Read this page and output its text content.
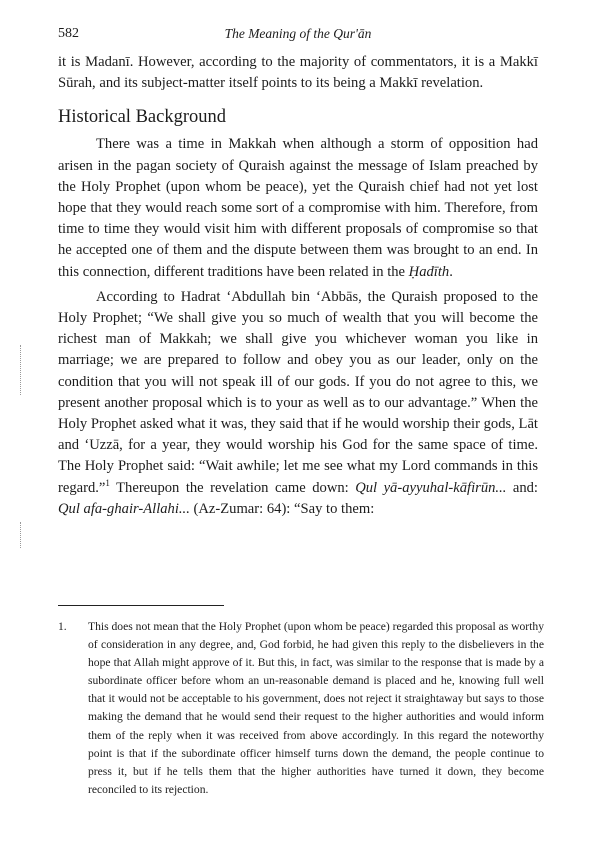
582	The Meaning of the Qur'ān

it is Madanī. However, according to the majority of commentators, it is a Makkī Sūrah, and its subject-matter itself points to its being a Makkī revelation.

Historical Background

There was a time in Makkah when although a storm of opposition had arisen in the pagan society of Quraish against the message of Islam preached by the Holy Prophet (upon whom be peace), yet the Quraish chief had not yet lost hope that they would reach some sort of a compromise with him. Therefore, from time to time they would visit him with different proposals of compromise so that he accepted one of them and the dispute between them was brought to an end. In this connection, different traditions have been related in the Ḥadīth.

According to Hadrat ‘Abdullah bin ‘Abbās, the Quraish proposed to the Holy Prophet; “We shall give you so much of wealth that you will become the richest man of Makkah; we shall give you whichever woman you like in marriage; we are prepared to follow and obey you as our leader, only on the condition that you will not speak ill of our gods. If you do not agree to this, we present another proposal which is to your as well as to our advantage.” When the Holy Prophet asked what it was, they said that if he would worship their gods, Lāt and ‘Uzzā, for a year, they would worship his God for the same space of time. The Holy Prophet said: “Wait awhile; let me see what my Lord commands in this regard.”$^1$ Thereupon the revelation came down: Qul yā-ayyuhal-kāfirūn... and: Qul afa-ghair-Allahi... (Az-Zumar: 64): “Say to them:

1. This does not mean that the Holy Prophet (upon whom be peace) regarded this proposal as worthy of consideration in any degree, and, God forbid, he had given this reply to the disbelievers in the hope that Allah might approve of it. But this, in fact, was similar to the response that is made by a subordinate officer before whom an un-reasonable demand is placed and he, knowing full well that it would not be acceptable to his government, does not reject it straightaway but says to those making the demand that he would send their request to the higher authorities and would inform them of the reply when it was received from above accordingly. In this regard the noteworthy point is that if the subordinate officer himself turns down the demand, the people continue to press it, but if he tells them that the higher authorities have turned it down, they become reconciled to its rejection.
